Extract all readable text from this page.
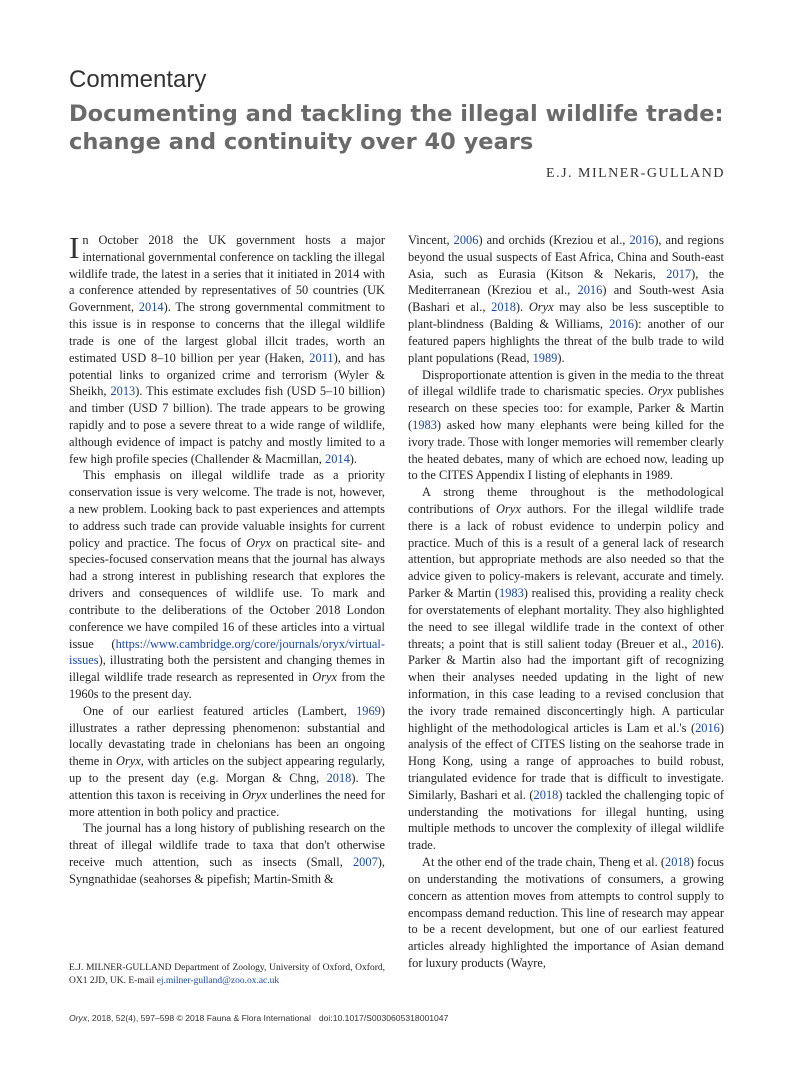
Commentary
Documenting and tackling the illegal wildlife trade: change and continuity over 40 years
E.J. MILNER-GULLAND

In October 2018 the UK government hosts a major international governmental conference on tackling the illegal wildlife trade, the latest in a series that it initiated in 2014 with a conference attended by representatives of 50 countries (UK Government, 2014). The strong governmental commitment to this issue is in response to concerns that the illegal wildlife trade is one of the largest global illcit trades, worth an estimated USD 8–10 billion per year (Haken, 2011), and has potential links to organized crime and terrorism (Wyler & Sheikh, 2013). This estimate excludes fish (USD 5–10 billion) and timber (USD 7 billion). The trade appears to be growing rapidly and to pose a severe threat to a wide range of wildlife, although evidence of impact is patchy and mostly limited to a few high profile species (Challender & Macmillan, 2014).

This emphasis on illegal wildlife trade as a priority conservation issue is very welcome. The trade is not, however, a new problem. Looking back to past experiences and attempts to address such trade can provide valuable insights for current policy and practice. The focus of Oryx on practical site- and species-focused conservation means that the journal has always had a strong interest in publishing research that explores the drivers and consequences of wildlife use. To mark and contribute to the deliberations of the October 2018 London conference we have compiled 16 of these articles into a virtual issue (https://www.cambridge.org/core/journals/oryx/virtual-issues), illustrating both the persistent and changing themes in illegal wildlife trade research as represented in Oryx from the 1960s to the present day.

One of our earliest featured articles (Lambert, 1969) illustrates a rather depressing phenomenon: substantial and locally devastating trade in chelonians has been an ongoing theme in Oryx, with articles on the subject appearing regularly, up to the present day (e.g. Morgan & Chng, 2018). The attention this taxon is receiving in Oryx underlines the need for more attention in both policy and practice.

The journal has a long history of publishing research on the threat of illegal wildlife trade to taxa that don't otherwise receive much attention, such as insects (Small, 2007), Syngnathidae (seahorses & pipefish; Martin-Smith &

Vincent, 2006) and orchids (Kreziou et al., 2016), and regions beyond the usual suspects of East Africa, China and South-east Asia, such as Eurasia (Kitson & Nekaris, 2017), the Mediterranean (Kreziou et al., 2016) and South-west Asia (Bashari et al., 2018). Oryx may also be less susceptible to plant-blindness (Balding & Williams, 2016): another of our featured papers highlights the threat of the bulb trade to wild plant populations (Read, 1989).

Disproportionate attention is given in the media to the threat of illegal wildlife trade to charismatic species. Oryx publishes research on these species too: for example, Parker & Martin (1983) asked how many elephants were being killed for the ivory trade. Those with longer memories will remember clearly the heated debates, many of which are echoed now, leading up to the CITES Appendix I listing of elephants in 1989.

A strong theme throughout is the methodological contributions of Oryx authors. For the illegal wildlife trade there is a lack of robust evidence to underpin policy and practice. Much of this is a result of a general lack of research attention, but appropriate methods are also needed so that the advice given to policy-makers is relevant, accurate and timely. Parker & Martin (1983) realised this, providing a reality check for overstatements of elephant mortality. They also highlighted the need to see illegal wildlife trade in the context of other threats; a point that is still salient today (Breuer et al., 2016). Parker & Martin also had the important gift of recognizing when their analyses needed updating in the light of new information, in this case leading to a revised conclusion that the ivory trade remained disconcertingly high. A particular highlight of the methodological articles is Lam et al.'s (2016) analysis of the effect of CITES listing on the seahorse trade in Hong Kong, using a range of approaches to build robust, triangulated evidence for trade that is difficult to investigate. Similarly, Bashari et al. (2018) tackled the challenging topic of understanding the motivations for illegal hunting, using multiple methods to uncover the complexity of illegal wildlife trade.

At the other end of the trade chain, Theng et al. (2018) focus on understanding the motivations of consumers, a growing concern as attention moves from attempts to control supply to encompass demand reduction. This line of research may appear to be a recent development, but one of our earliest featured articles already highlighted the importance of Asian demand for luxury products (Wayre,

E.J. MILNER-GULLAND Department of Zoology, University of Oxford, Oxford, OX1 2JD, UK. E-mail ej.milner-gulland@zoo.ox.ac.uk
Oryx, 2018, 52(4), 597–598 © 2018 Fauna & Flora International doi:10.1017/S0030605318001047
